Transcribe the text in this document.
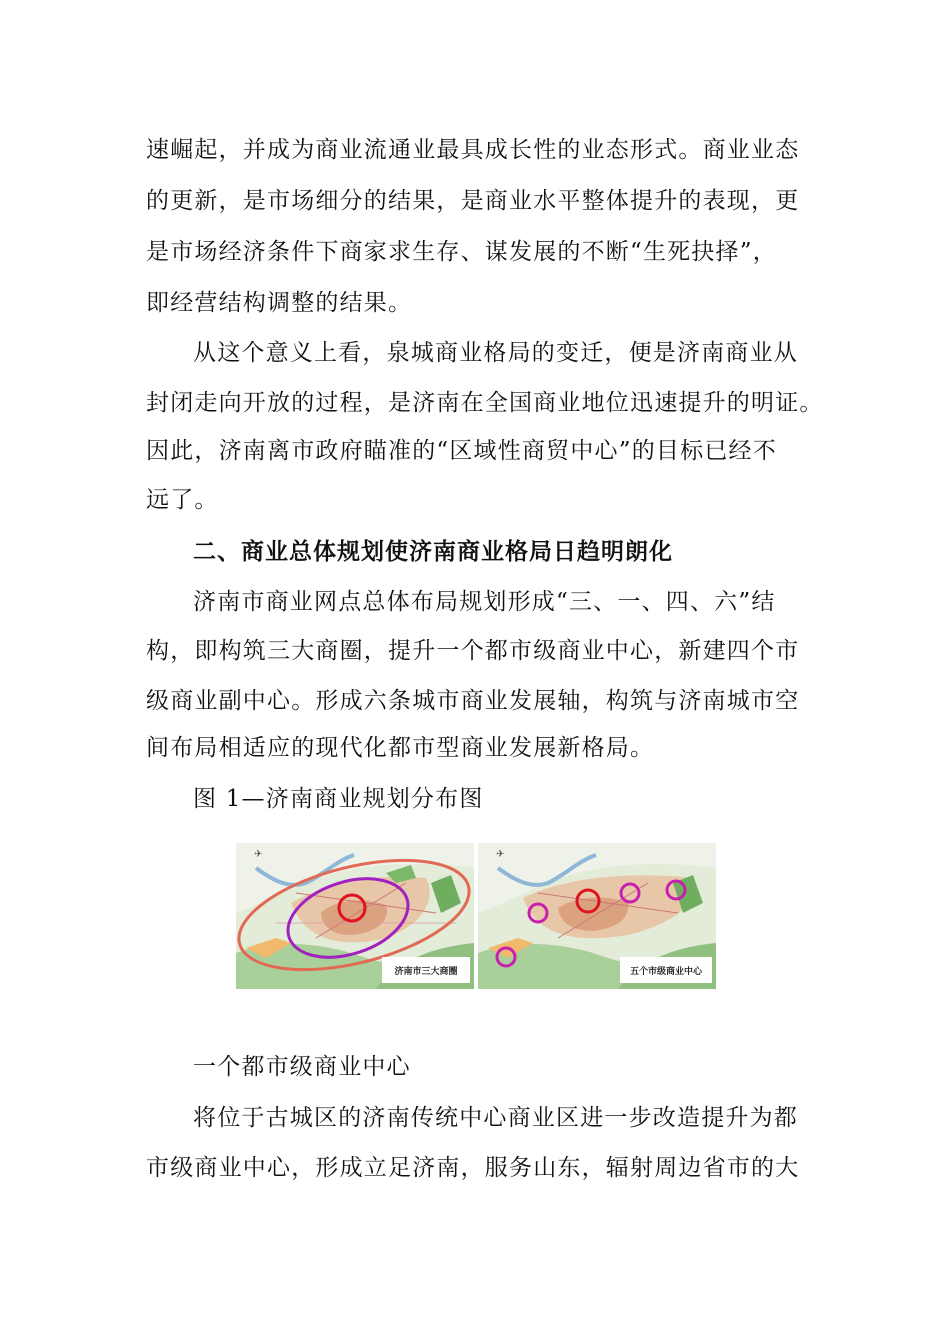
速崛起，并成为商业流通业最具成长性的业态形式。商业业态
的更新，是市场细分的结果，是商业水平整体提升的表现，更
是市场经济条件下商家求生存、谋发展的不断“生死抉择”，
即经营结构调整的结果。
从这个意义上看，泉城商业格局的变迁，便是济南商业从
封闭走向开放的过程，是济南在全国商业地位迅速提升的明证。
因此，济南离市政府瞄准的“区域性商贸中心”的目标已经不
远了。
二、商业总体规划使济南商业格局日趋明朗化
济南市商业网点总体布局规划形成“三、一、四、六”结
构，即构筑三大商圈，提升一个都市级商业中心，新建四个市
级商业副中心。形成六条城市商业发展轴，构筑与济南城市空
间布局相适应的现代化都市型商业发展新格局。
图 1—济南商业规划分布图
✈
济南市三大商圈
✈
五个市级商业中心
一个都市级商业中心
将位于古城区的济南传统中心商业区进一步改造提升为都
市级商业中心，形成立足济南，服务山东，辐射周边省市的大
